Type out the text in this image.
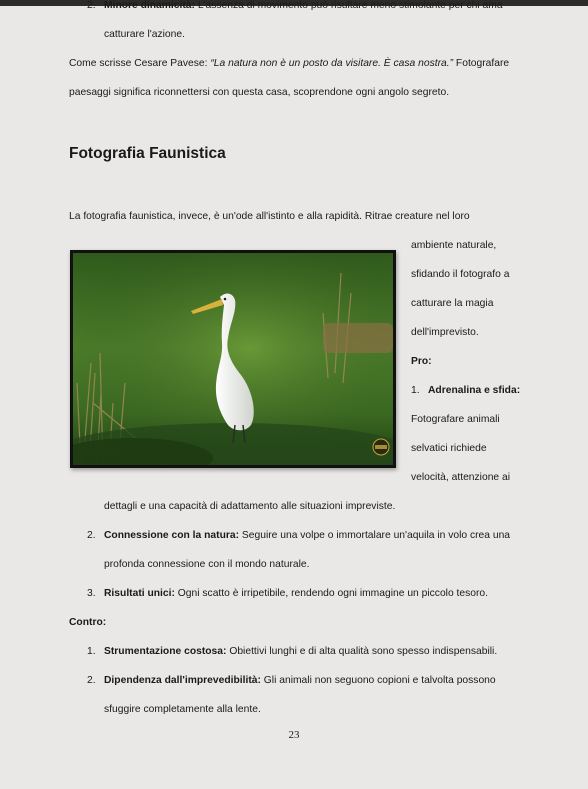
2. Minore dinamicità: L'assenza di movimento può risultare meno stimolante per chi ama
catturare l'azione.
Come scrisse Cesare Pavese: “La natura non è un posto da visitare. È casa nostra.” Fotografare
paesaggi significa riconnettersi con questa casa, scoprendone ogni angolo segreto.
Fotografia Faunistica
La fotografia faunistica, invece, è un'ode all'istinto e alla rapidità. Ritrae creature nel loro
ambiente naturale,
sfidando il fotografo a
catturare la magia
dell'imprevisto.
Pro:
1. Adrenalina e sfida:
Fotografare animali
selvatici richiede
velocità, attenzione ai
dettagli e una capacità di adattamento alle situazioni impreviste.
2. Connessione con la natura: Seguire una volpe o immortalare un'aquila in volo crea una
profonda connessione con il mondo naturale.
3. Risultati unici: Ogni scatto è irripetibile, rendendo ogni immagine un piccolo tesoro.
Contro:
1. Strumentazione costosa: Obiettivi lunghi e di alta qualità sono spesso indispensabili.
2. Dipendenza dall'imprevedibilità: Gli animali non seguono copioni e talvolta possono
sfuggire completamente alla lente.
23
